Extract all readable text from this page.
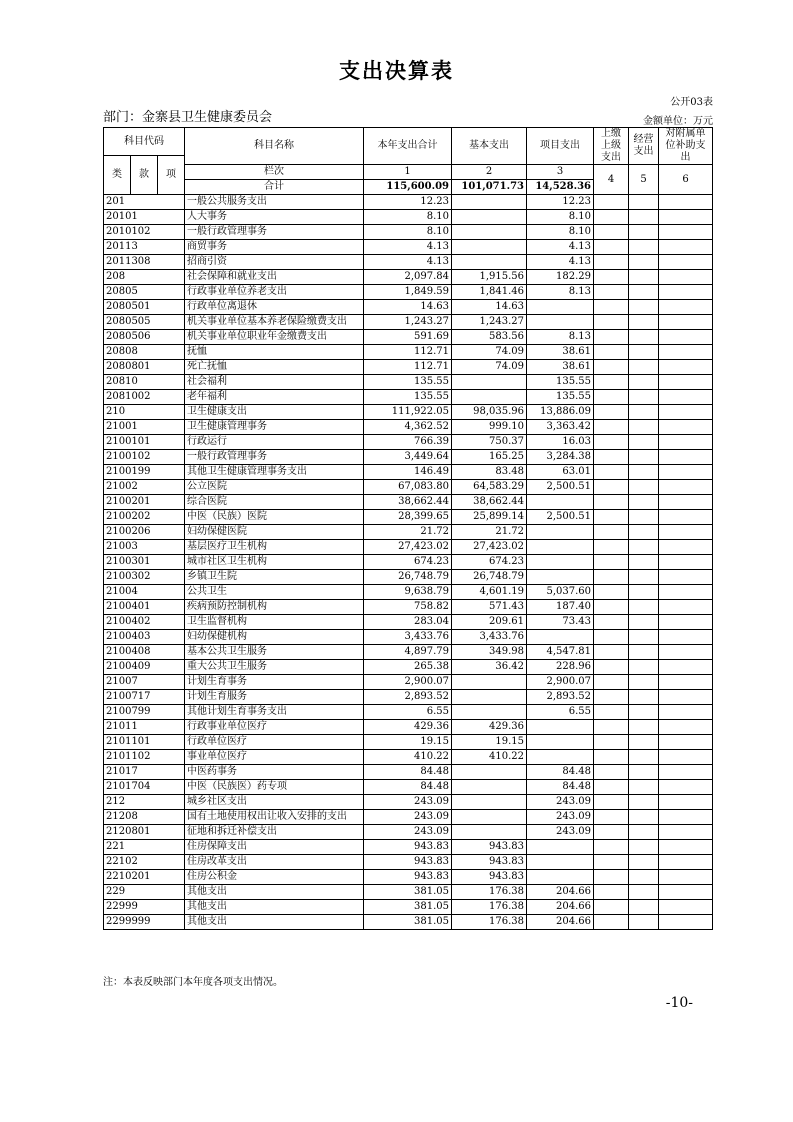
支出决算表
公开03表
部门：金寨县卫生健康委员会	金额单位：万元
科目代码			科目名称	本年支出合计	基本支出	项目支出	上缴上级支出	经营支出	对附属单位补助支出
类	款	项							
			栏次	1	2	3	4	5	6
			合计	115,600.09	101,071.73	14,528.36			
201			一般公共服务支出	12.23		12.23			
20101			人大事务	8.10		8.10			
2010102			一般行政管理事务	8.10		8.10			
20113			商贸事务	4.13		4.13			
2011308			招商引资	4.13		4.13			
208			社会保障和就业支出	2,097.84	1,915.56	182.29			
20805			行政事业单位养老支出	1,849.59	1,841.46	8.13			
2080501			行政单位离退休	14.63	14.63				
2080505			机关事业单位基本养老保险缴费支出	1,243.27	1,243.27				
2080506			机关事业单位职业年金缴费支出	591.69	583.56	8.13			
20808			抚恤	112.71	74.09	38.61			
2080801			死亡抚恤	112.71	74.09	38.61			
20810			社会福利	135.55		135.55			
2081002			老年福利	135.55		135.55			
210			卫生健康支出	111,922.05	98,035.96	13,886.09			
21001			卫生健康管理事务	4,362.52	999.10	3,363.42			
2100101			行政运行	766.39	750.37	16.03			
2100102			一般行政管理事务	3,449.64	165.25	3,284.38			
2100199			其他卫生健康管理事务支出	146.49	83.48	63.01			
21002			公立医院	67,083.80	64,583.29	2,500.51			
2100201			综合医院	38,662.44	38,662.44				
2100202			中医（民族）医院	28,399.65	25,899.14	2,500.51			
2100206			妇幼保健医院	21.72	21.72				
21003			基层医疗卫生机构	27,423.02	27,423.02				
2100301			城市社区卫生机构	674.23	674.23				
2100302			乡镇卫生院	26,748.79	26,748.79				
21004			公共卫生	9,638.79	4,601.19	5,037.60			
2100401			疾病预防控制机构	758.82	571.43	187.40			
2100402			卫生监督机构	283.04	209.61	73.43			
2100403			妇幼保健机构	3,433.76	3,433.76				
2100408			基本公共卫生服务	4,897.79	349.98	4,547.81			
2100409			重大公共卫生服务	265.38	36.42	228.96			
21007			计划生育事务	2,900.07		2,900.07			
2100717			计划生育服务	2,893.52		2,893.52			
2100799			其他计划生育事务支出	6.55		6.55			
21011			行政事业单位医疗	429.36	429.36				
2101101			行政单位医疗	19.15	19.15				
2101102			事业单位医疗	410.22	410.22				
21017			中医药事务	84.48		84.48			
2101704			中医（民族医）药专项	84.48		84.48			
212			城乡社区支出	243.09		243.09			
21208			国有土地使用权出让收入安排的支出	243.09		243.09			
2120801			征地和拆迁补偿支出	243.09		243.09			
221			住房保障支出	943.83	943.83				
22102			住房改革支出	943.83	943.83				
2210201			住房公积金	943.83	943.83				
229			其他支出	381.05	176.38	204.66			
22999			其他支出	381.05	176.38	204.66			
2299999			其他支出	381.05	176.38	204.66			
注：本表反映部门本年度各项支出情况。
-10-
